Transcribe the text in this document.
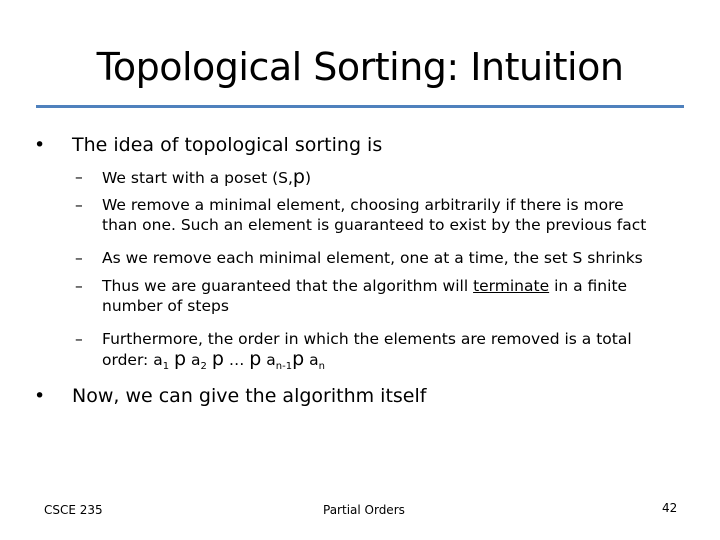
Topological Sorting: Intuition
• The idea of topological sorting is
– We start with a poset (S,p)
– We remove a minimal element, choosing arbitrarily if there is more
than one. Such an element is guaranteed to exist by the previous fact
– As we remove each minimal element, one at a time, the set S shrinks
– Thus we are guaranteed that the algorithm will terminate in a finite
number of steps
– Furthermore, the order in which the elements are removed is a total
order: $a_1$ p $a_2$ p … p $a_{n-1}p$ $a_n$
• Now, we can give the algorithm itself
CSCE 235	Partial Orders	42
